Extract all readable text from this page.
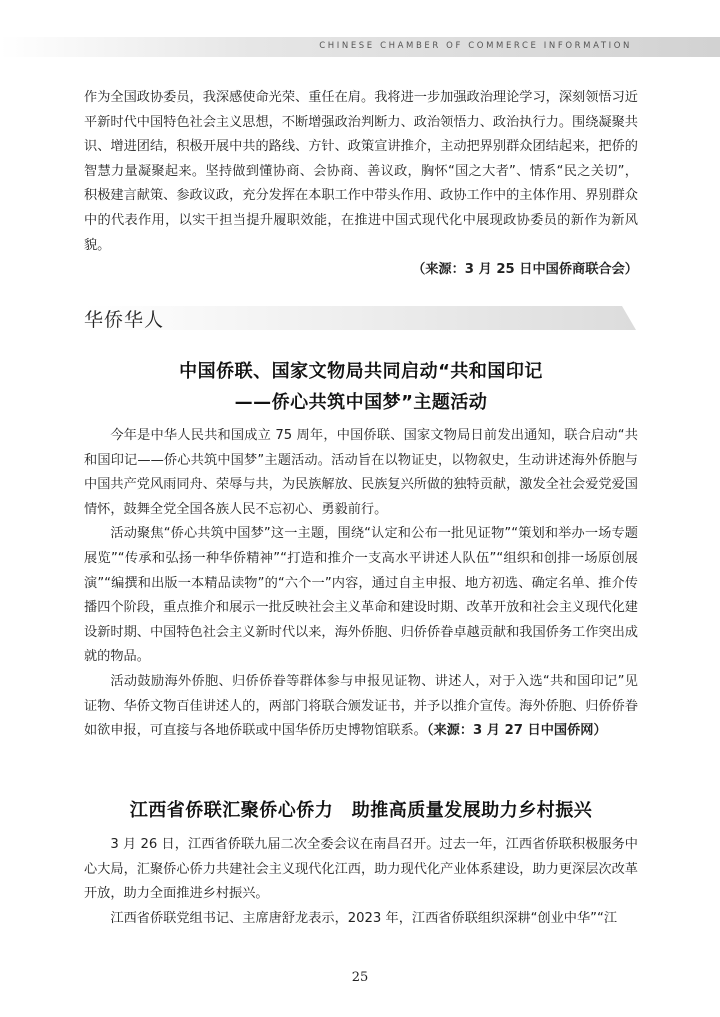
CHINESE CHAMBER OF COMMERCE INFORMATION

作为全国政协委员，我深感使命光荣、重任在肩。我将进一步加强政治理论学习，深刻领悟习近平新时代中国特色社会主义思想，不断增强政治判断力、政治领悟力、政治执行力。围绕凝聚共识、增进团结，积极开展中共的路线、方针、政策宣讲推介，主动把界别群众团结起来，把侨的智慧力量凝聚起来。坚持做到懂协商、会协商、善议政，胸怀“国之大者”、情系“民之关切”，积极建言献策、参政议政，充分发挥在本职工作中带头作用、政协工作中的主体作用、界别群众中的代表作用，以实干担当提升履职效能，在推进中国式现代化中展现政协委员的新作为新风貌。
（来源：3 月 25 日中国侨商联合会）

华侨华人
中国侨联、国家文物局共同启动“共和国印记
——侨心共筑中国梦”主题活动

今年是中华人民共和国成立 75 周年，中国侨联、国家文物局日前发出通知，联合启动“共和国印记——侨心共筑中国梦”主题活动。活动旨在以物证史，以物叙史，生动讲述海外侨胞与中国共产党风雨同舟、荣辱与共，为民族解放、民族复兴所做的独特贡献，激发全社会爱党爱国情怀，鼓舞全党全国各族人民不忘初心、勇毅前行。

活动聚焦“侨心共筑中国梦”这一主题，围绕“认定和公布一批见证物”“策划和举办一场专题展览”“传承和弘扬一种华侨精神”“打造和推介一支高水平讲述人队伍”“组织和创排一场原创展演”“编撰和出版一本精品读物”的“六个一”内容，通过自主申报、地方初选、确定名单、推介传播四个阶段，重点推介和展示一批反映社会主义革命和建设时期、改革开放和社会主义现代化建设新时期、中国特色社会主义新时代以来，海外侨胞、归侨侨眷卓越贡献和我国侨务工作突出成就的物品。

活动鼓励海外侨胞、归侨侨眷等群体参与申报见证物、讲述人，对于入选“共和国印记”见证物、华侨文物百佳讲述人的，两部门将联合颁发证书，并予以推介宣传。海外侨胞、归侨侨眷如欲申报，可直接与各地侨联或中国华侨历史博物馆联系。（来源：3 月 27 日中国侨网）

江西省侨联汇聚侨心侨力　助推高质量发展助力乡村振兴

3 月 26 日，江西省侨联九届二次全委会议在南昌召开。过去一年，江西省侨联积极服务中心大局，汇聚侨心侨力共建社会主义现代化江西，助力现代化产业体系建设，助力更深层次改革开放，助力全面推进乡村振兴。

江西省侨联党组书记、主席唐舒龙表示，2023 年，江西省侨联组织深耕“创业中华”“江

25
